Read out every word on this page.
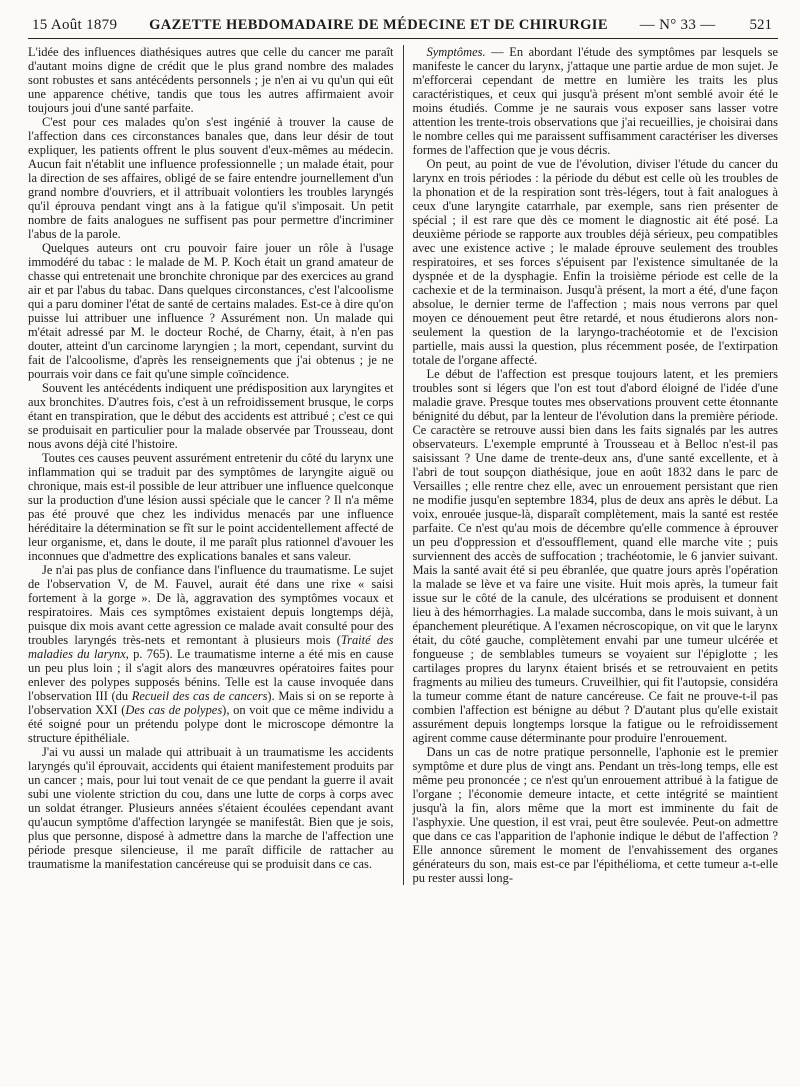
15 Août 1879 GAZETTE HEBDOMADAIRE DE MÉDECINE ET DE CHIRURGIE — N° 33 — 521

L'idée des influences diathésiques autres que celle du cancer me paraît d'autant moins digne de crédit que le plus grand nombre des malades sont robustes et sans antécédents personnels ; je n'en ai vu qu'un qui eût une apparence chétive, tandis que tous les autres affirmaient avoir toujours joui d'une santé parfaite.

C'est pour ces malades qu'on s'est ingénié à trouver la cause de l'affection dans ces circonstances banales que, dans leur désir de tout expliquer, les patients offrent le plus souvent d'eux-mêmes au médecin. Aucun fait n'établit une influence professionnelle ; un malade était, pour la direction de ses affaires, obligé de se faire entendre journellement d'un grand nombre d'ouvriers, et il attribuait volontiers les troubles laryngés qu'il éprouva pendant vingt ans à la fatigue qu'il s'imposait. Un petit nombre de faits analogues ne suffisent pas pour permettre d'incriminer l'abus de la parole.

Quelques auteurs ont cru pouvoir faire jouer un rôle à l'usage immodéré du tabac : le malade de M. P. Koch était un grand amateur de chasse qui entretenait une bronchite chronique par des exercices au grand air et par l'abus du tabac. Dans quelques circonstances, c'est l'alcoolisme qui a paru dominer l'état de santé de certains malades. Est-ce à dire qu'on puisse lui attribuer une influence ? Assurément non. Un malade qui m'était adressé par M. le docteur Roché, de Charny, était, à n'en pas douter, atteint d'un carcinome laryngien ; la mort, cependant, survint du fait de l'alcoolisme, d'après les renseignements que j'ai obtenus ; je ne pourrais voir dans ce fait qu'une simple coïncidence.

Souvent les antécédents indiquent une prédisposition aux laryngites et aux bronchites. D'autres fois, c'est à un refroidissement brusque, le corps étant en transpiration, que le début des accidents est attribué ; c'est ce qui se produisait en particulier pour la malade observée par Trousseau, dont nous avons déjà cité l'histoire.

Toutes ces causes peuvent assurément entretenir du côté du larynx une inflammation qui se traduit par des symptômes de laryngite aiguë ou chronique, mais est-il possible de leur attribuer une influence quelconque sur la production d'une lésion aussi spéciale que le cancer ? Il n'a même pas été prouvé que chez les individus menacés par une influence héréditaire la détermination se fît sur le point accidentellement affecté de leur organisme, et, dans le doute, il me paraît plus rationnel d'avouer les inconnues que d'admettre des explications banales et sans valeur.

Je n'ai pas plus de confiance dans l'influence du traumatisme. Le sujet de l'observation V, de M. Fauvel, aurait été dans une rixe « saisi fortement à la gorge ». De là, aggravation des symptômes vocaux et respiratoires. Mais ces symptômes existaient depuis longtemps déjà, puisque dix mois avant cette agression ce malade avait consulté pour des troubles laryngés très-nets et remontant à plusieurs mois (Traité des maladies du larynx, p. 765). Le traumatisme interne a été mis en cause un peu plus loin ; il s'agit alors des manœuvres opératoires faites pour enlever des polypes supposés bénins. Telle est la cause invoquée dans l'observation III (du Recueil des cas de cancers). Mais si on se reporte à l'observation XXI (Des cas de polypes), on voit que ce même individu a été soigné pour un prétendu polype dont le microscope démontre la structure épithéliale.

J'ai vu aussi un malade qui attribuait à un traumatisme les accidents laryngés qu'il éprouvait, accidents qui étaient manifestement produits par un cancer ; mais, pour lui tout venait de ce que pendant la guerre il avait subi une violente striction du cou, dans une lutte de corps à corps avec un soldat étranger. Plusieurs années s'étaient écoulées cependant avant qu'aucun symptôme d'affection laryngée se manifestât. Bien que je sois, plus que personne, disposé à admettre dans la marche de l'affection une période presque silencieuse, il me paraît difficile de rattacher au traumatisme la manifestation cancéreuse qui se produisit dans ce cas.

Symptômes. — En abordant l'étude des symptômes par lesquels se manifeste le cancer du larynx, j'attaque une partie ardue de mon sujet. Je m'efforcerai cependant de mettre en lumière les traits les plus caractéristiques, et ceux qui jusqu'à présent m'ont semblé avoir été le moins étudiés. Comme je ne saurais vous exposer sans lasser votre attention les trente-trois observations que j'ai recueillies, je choisirai dans le nombre celles qui me paraissent suffisamment caractériser les diverses formes de l'affection que je vous décris.

On peut, au point de vue de l'évolution, diviser l'étude du cancer du larynx en trois périodes : la période du début est celle où les troubles de la phonation et de la respiration sont très-légers, tout à fait analogues à ceux d'une laryngite catarrhale, par exemple, sans rien présenter de spécial ; il est rare que dès ce moment le diagnostic ait été posé. La deuxième période se rapporte aux troubles déjà sérieux, peu compatibles avec une existence active ; le malade éprouve seulement des troubles respiratoires, et ses forces s'épuisent par l'existence simultanée de la dyspnée et de la dysphagie. Enfin la troisième période est celle de la cachexie et de la terminaison. Jusqu'à présent, la mort a été, d'une façon absolue, le dernier terme de l'affection ; mais nous verrons par quel moyen ce dénouement peut être retardé, et nous étudierons alors non-seulement la question de la laryngo-trachéotomie et de l'excision partielle, mais aussi la question, plus récemment posée, de l'extirpation totale de l'organe affecté.

Le début de l'affection est presque toujours latent, et les premiers troubles sont si légers que l'on est tout d'abord éloigné de l'idée d'une maladie grave. Presque toutes mes observations prouvent cette étonnante bénignité du début, par la lenteur de l'évolution dans la première période. Ce caractère se retrouve aussi bien dans les faits signalés par les autres observateurs. L'exemple emprunté à Trousseau et à Belloc n'est-il pas saisissant ? Une dame de trente-deux ans, d'une santé excellente, et à l'abri de tout soupçon diathésique, joue en août 1832 dans le parc de Versailles ; elle rentre chez elle, avec un enrouement persistant que rien ne modifie jusqu'en septembre 1834, plus de deux ans après le début. La voix, enrouée jusque-là, disparaît complètement, mais la santé est restée parfaite. Ce n'est qu'au mois de décembre qu'elle commence à éprouver un peu d'oppression et d'essoufflement, quand elle marche vite ; puis surviennent des accès de suffocation ; trachéotomie, le 6 janvier suivant. Mais la santé avait été si peu ébranlée, que quatre jours après l'opération la malade se lève et va faire une visite. Huit mois après, la tumeur fait issue sur le côté de la canule, des ulcérations se produisent et donnent lieu à des hémorrhagies. La malade succomba, dans le mois suivant, à un épanchement pleurétique. A l'examen nécroscopique, on vit que le larynx était, du côté gauche, complètement envahi par une tumeur ulcérée et fongueuse ; de semblables tumeurs se voyaient sur l'épiglotte ; les cartilages propres du larynx étaient brisés et se retrouvaient en petits fragments au milieu des tumeurs. Cruveilhier, qui fit l'autopsie, considéra la tumeur comme étant de nature cancéreuse. Ce fait ne prouve-t-il pas combien l'affection est bénigne au début ? D'autant plus qu'elle existait assurément depuis longtemps lorsque la fatigue ou le refroidissement agirent comme cause déterminante pour produire l'enrouement.

Dans un cas de notre pratique personnelle, l'aphonie est le premier symptôme et dure plus de vingt ans. Pendant un très-long temps, elle est même peu prononcée ; ce n'est qu'un enrouement attribué à la fatigue de l'organe ; l'économie demeure intacte, et cette intégrité se maintient jusqu'à la fin, alors même que la mort est imminente du fait de l'asphyxie. Une question, il est vrai, peut être soulevée. Peut-on admettre que dans ce cas l'apparition de l'aphonie indique le début de l'affection ? Elle annonce sûrement le moment de l'envahissement des organes générateurs du son, mais est-ce par l'épithélioma, et cette tumeur a-t-elle pu rester aussi long-
